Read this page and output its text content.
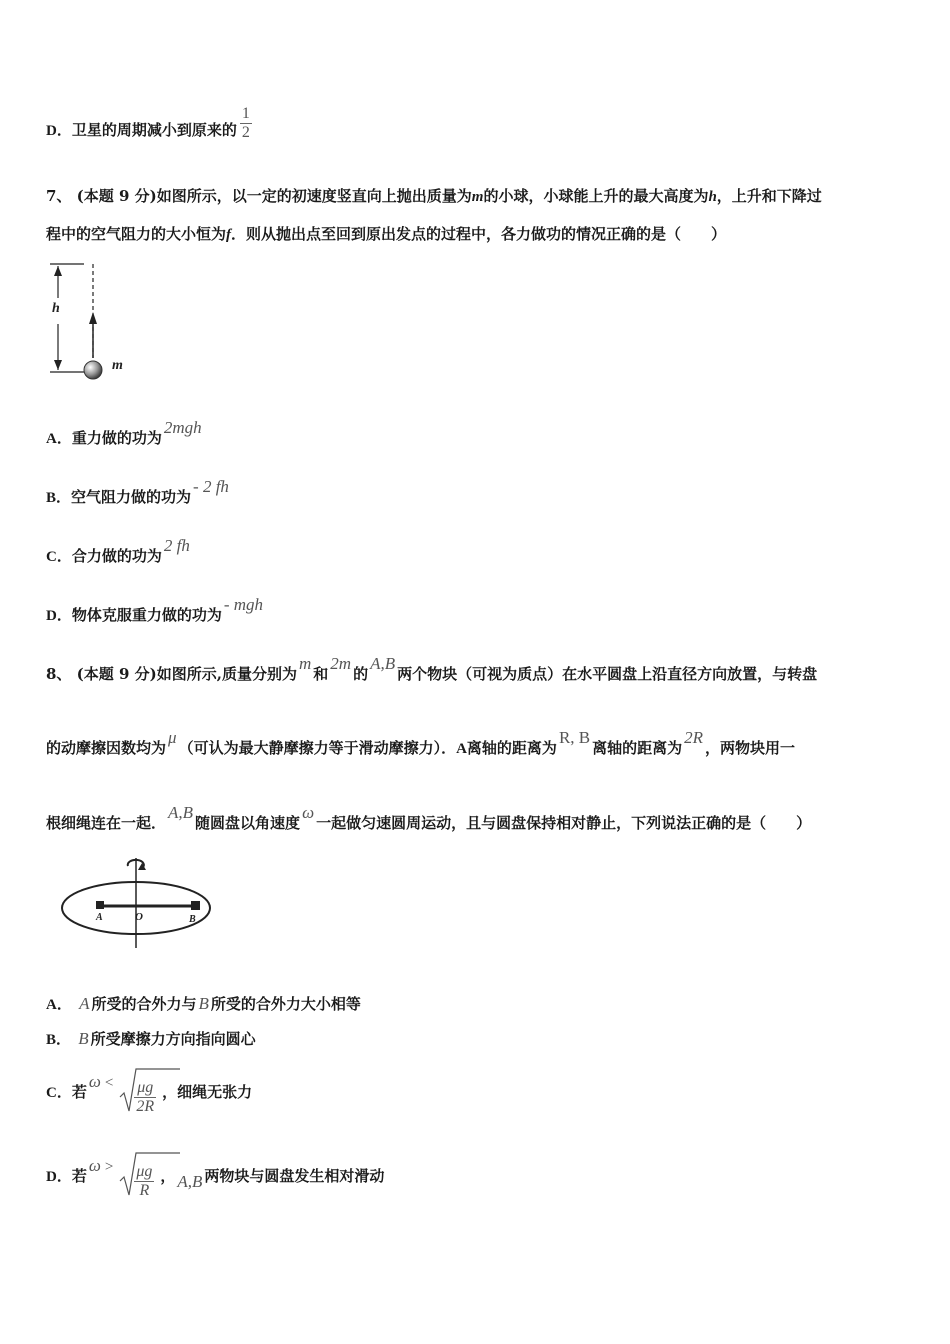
D．卫星的周期减小到原来的 $\frac{1}{2}$
7、 (本题 9 分)如图所示，以一定的初速度竖直向上抛出质量为m的小球，小球能上升的最大高度为h，上升和下降过
程中的空气阻力的大小恒为f．则从抛出点至回到原出发点的过程中，各力做功的情况正确的是（　　）
h
m
A．重力做的功为2mgh
B．空气阻力做的功为- 2 fh
C．合力做的功为2 fh
D．物体克服重力做的功为- mgh
8、 (本题 9 分)如图所示,质量分别为m和2m的A,B两个物块（可视为质点）在水平圆盘上沿直径方向放置，与转盘
的动摩擦因数均为μ（可认为最大静摩擦力等于滑动摩擦力）．A离轴的距离为R, B离轴的距离为2R，两物块用一
根细绳连在一起．A,B随圆盘以角速度ω一起做匀速圆周运动，且与圆盘保持相对静止，下列说法正确的是（　　）
A	O	B
A． A 所受的合外力与 B 所受的合外力大小相等
B． B 所受摩擦力方向指向圆心
C．若$\omega < \frac{\mu g}{2R}$ ，细绳无张力
D．若$\omega > \frac{\mu g}{R}$ ， A,B 两物块与圆盘发生相对滑动
